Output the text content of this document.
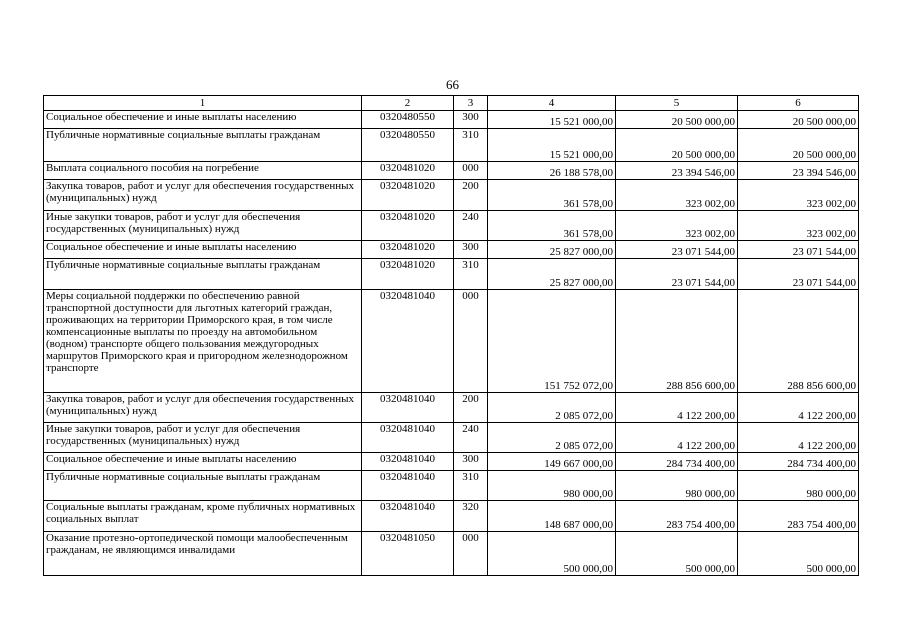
66
1	2	3	4	5	6
Социальное обеспечение и иные выплаты населению	0320480550	300	15 521 000,00	20 500 000,00	20 500 000,00
Публичные нормативные социальные выплаты гражданам	0320480550	310	15 521 000,00	20 500 000,00	20 500 000,00
Выплата социального пособия на погребение	0320481020	000	26 188 578,00	23 394 546,00	23 394 546,00
Закупка товаров, работ и услуг для обеспечения государственных (муниципальных) нужд	0320481020	200	361 578,00	323 002,00	323 002,00
Иные закупки товаров, работ и услуг для обеспечения государственных (муниципальных) нужд	0320481020	240	361 578,00	323 002,00	323 002,00
Социальное обеспечение и иные выплаты населению	0320481020	300	25 827 000,00	23 071 544,00	23 071 544,00
Публичные нормативные социальные выплаты гражданам	0320481020	310	25 827 000,00	23 071 544,00	23 071 544,00
Меры социальной поддержки по обеспечению равной транспортной доступности для льготных категорий граждан, проживающих на территории Приморского края, в том числе компенсационные выплаты по проезду на автомобильном (водном) транспорте общего пользования междугородных маршрутов Приморского края и пригородном железнодорожном транспорте	0320481040	000	151 752 072,00	288 856 600,00	288 856 600,00
Закупка товаров, работ и услуг для обеспечения государственных (муниципальных) нужд	0320481040	200	2 085 072,00	4 122 200,00	4 122 200,00
Иные закупки товаров, работ и услуг для обеспечения государственных (муниципальных) нужд	0320481040	240	2 085 072,00	4 122 200,00	4 122 200,00
Социальное обеспечение и иные выплаты населению	0320481040	300	149 667 000,00	284 734 400,00	284 734 400,00
Публичные нормативные социальные выплаты гражданам	0320481040	310	980 000,00	980 000,00	980 000,00
Социальные выплаты гражданам, кроме публичных нормативных социальных выплат	0320481040	320	148 687 000,00	283 754 400,00	283 754 400,00
Оказание протезно-ортопедической помощи малообеспеченным гражданам, не являющимся инвалидами	0320481050	000	500 000,00	500 000,00	500 000,00
